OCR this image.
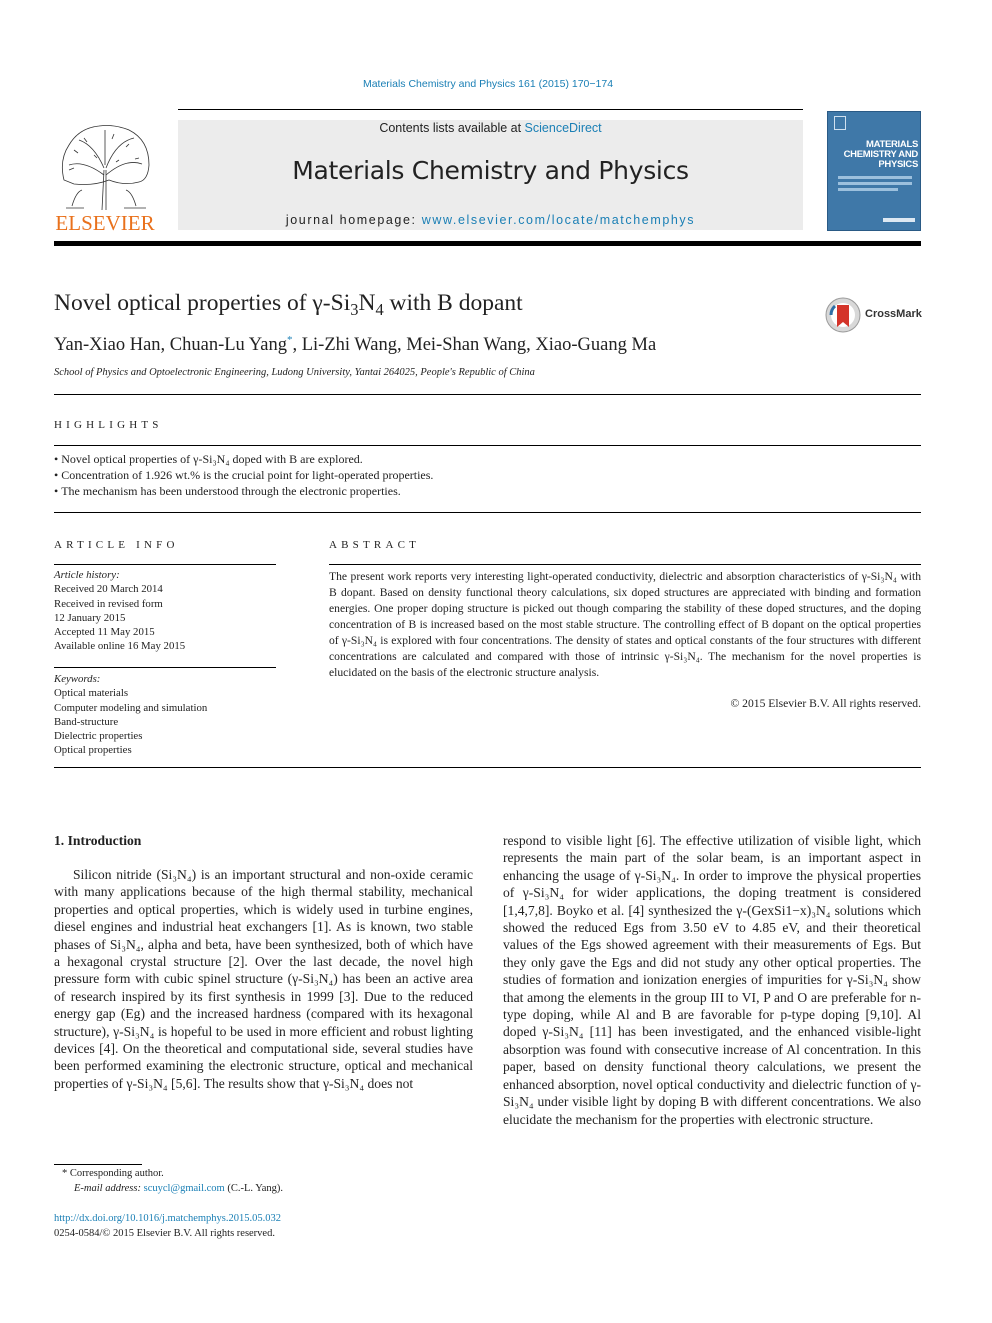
Materials Chemistry and Physics 161 (2015) 170−174
ELSEVIER
Contents lists available at ScienceDirect
Materials Chemistry and Physics
journal homepage: www.elsevier.com/locate/matchemphys
MATERIALS
CHEMISTRY AND
PHYSICS
Novel optical properties of $\gamma-Si_3N_4$ with B dopant	CrossMark
Yan-Xiao Han, Chuan-Lu Yang*, Li-Zhi Wang, Mei-Shan Wang, Xiao-Guang Ma
School of Physics and Optoelectronic Engineering, Ludong University, Yantai 264025, People's Republic of China
HIGHLIGHTS
• Novel optical properties of γ-Si₃N₄ doped with B are explored.
• Concentration of 1.926 wt.% is the crucial point for light-operated properties.
• The mechanism has been understood through the electronic properties.
ARTICLE INFO
Article history:
Received 20 March 2014
Received in revised form
12 January 2015
Accepted 11 May 2015
Available online 16 May 2015
Keywords:
Optical materials
Computer modeling and simulation
Band-structure
Dielectric properties
Optical properties
ABSTRACT
The present work reports very interesting light-operated conductivity, dielectric and absorption characteristics of γ-Si₃N₄ with B dopant. Based on density functional theory calculations, six doped structures are appreciated with binding and formation energies. One proper doping structure is picked out though comparing the stability of these doped structures, and the doping concentration of B is increased based on the most stable structure. The controlling effect of B dopant on the optical properties of γ-Si₃N₄ is explored with four concentrations. The density of states and optical constants of the four structures with different concentrations are calculated and compared with those of intrinsic γ-Si₃N₄. The mechanism for the novel properties is elucidated on the basis of the electronic structure analysis.
© 2015 Elsevier B.V. All rights reserved.
1. Introduction

Silicon nitride (Si₃N₄) is an important structural and non-oxide ceramic with many applications because of the high thermal stability, mechanical properties and optical properties, which is widely used in turbine engines, diesel engines and industrial heat exchangers [1]. As is known, two stable phases of Si₃N₄, alpha and beta, have been synthesized, both of which have a hexagonal crystal structure [2]. Over the last decade, the novel high pressure form with cubic spinel structure (γ-Si₃N₄) has been an active area of research inspired by its first synthesis in 1999 [3]. Due to the reduced energy gap (Eg) and the increased hardness (compared with its hexagonal structure), γ-Si₃N₄ is hopeful to be used in more efficient and robust lighting devices [4]. On the theoretical and computational side, several studies have been performed examining the electronic structure, optical and mechanical properties of γ-Si₃N₄ [5,6]. The results show that γ-Si₃N₄ does not

respond to visible light [6]. The effective utilization of visible light, which represents the main part of the solar beam, is an important aspect in enhancing the usage of γ-Si₃N₄. In order to improve the physical properties of γ-Si₃N₄ for wider applications, the doping treatment is considered [1,4,7,8]. Boyko et al. [4] synthesized the γ-(GexSi1−x)₃N₄ solutions which showed the reduced Egs from 3.50 eV to 4.85 eV, and their theoretical values of the Egs showed agreement with their measurements of Egs. But they only gave the Egs and did not study any other optical properties. The studies of formation and ionization energies of impurities for γ-Si₃N₄ show that among the elements in the group III to VI, P and O are preferable for n-type doping, while Al and B are favorable for p-type doping [9,10]. Al doped γ-Si₃N₄ [11] has been investigated, and the enhanced visible-light absorption was found with consecutive increase of Al concentration. In this paper, based on density functional theory calculations, we present the enhanced absorption, novel optical conductivity and dielectric function of γ-Si₃N₄ under visible light by doping B with different concentrations. We also elucidate the mechanism for the properties with electronic structure.
* Corresponding author.
E-mail address: scuycl@gmail.com (C.-L. Yang).
http://dx.doi.org/10.1016/j.matchemphys.2015.05.032
0254-0584/© 2015 Elsevier B.V. All rights reserved.
